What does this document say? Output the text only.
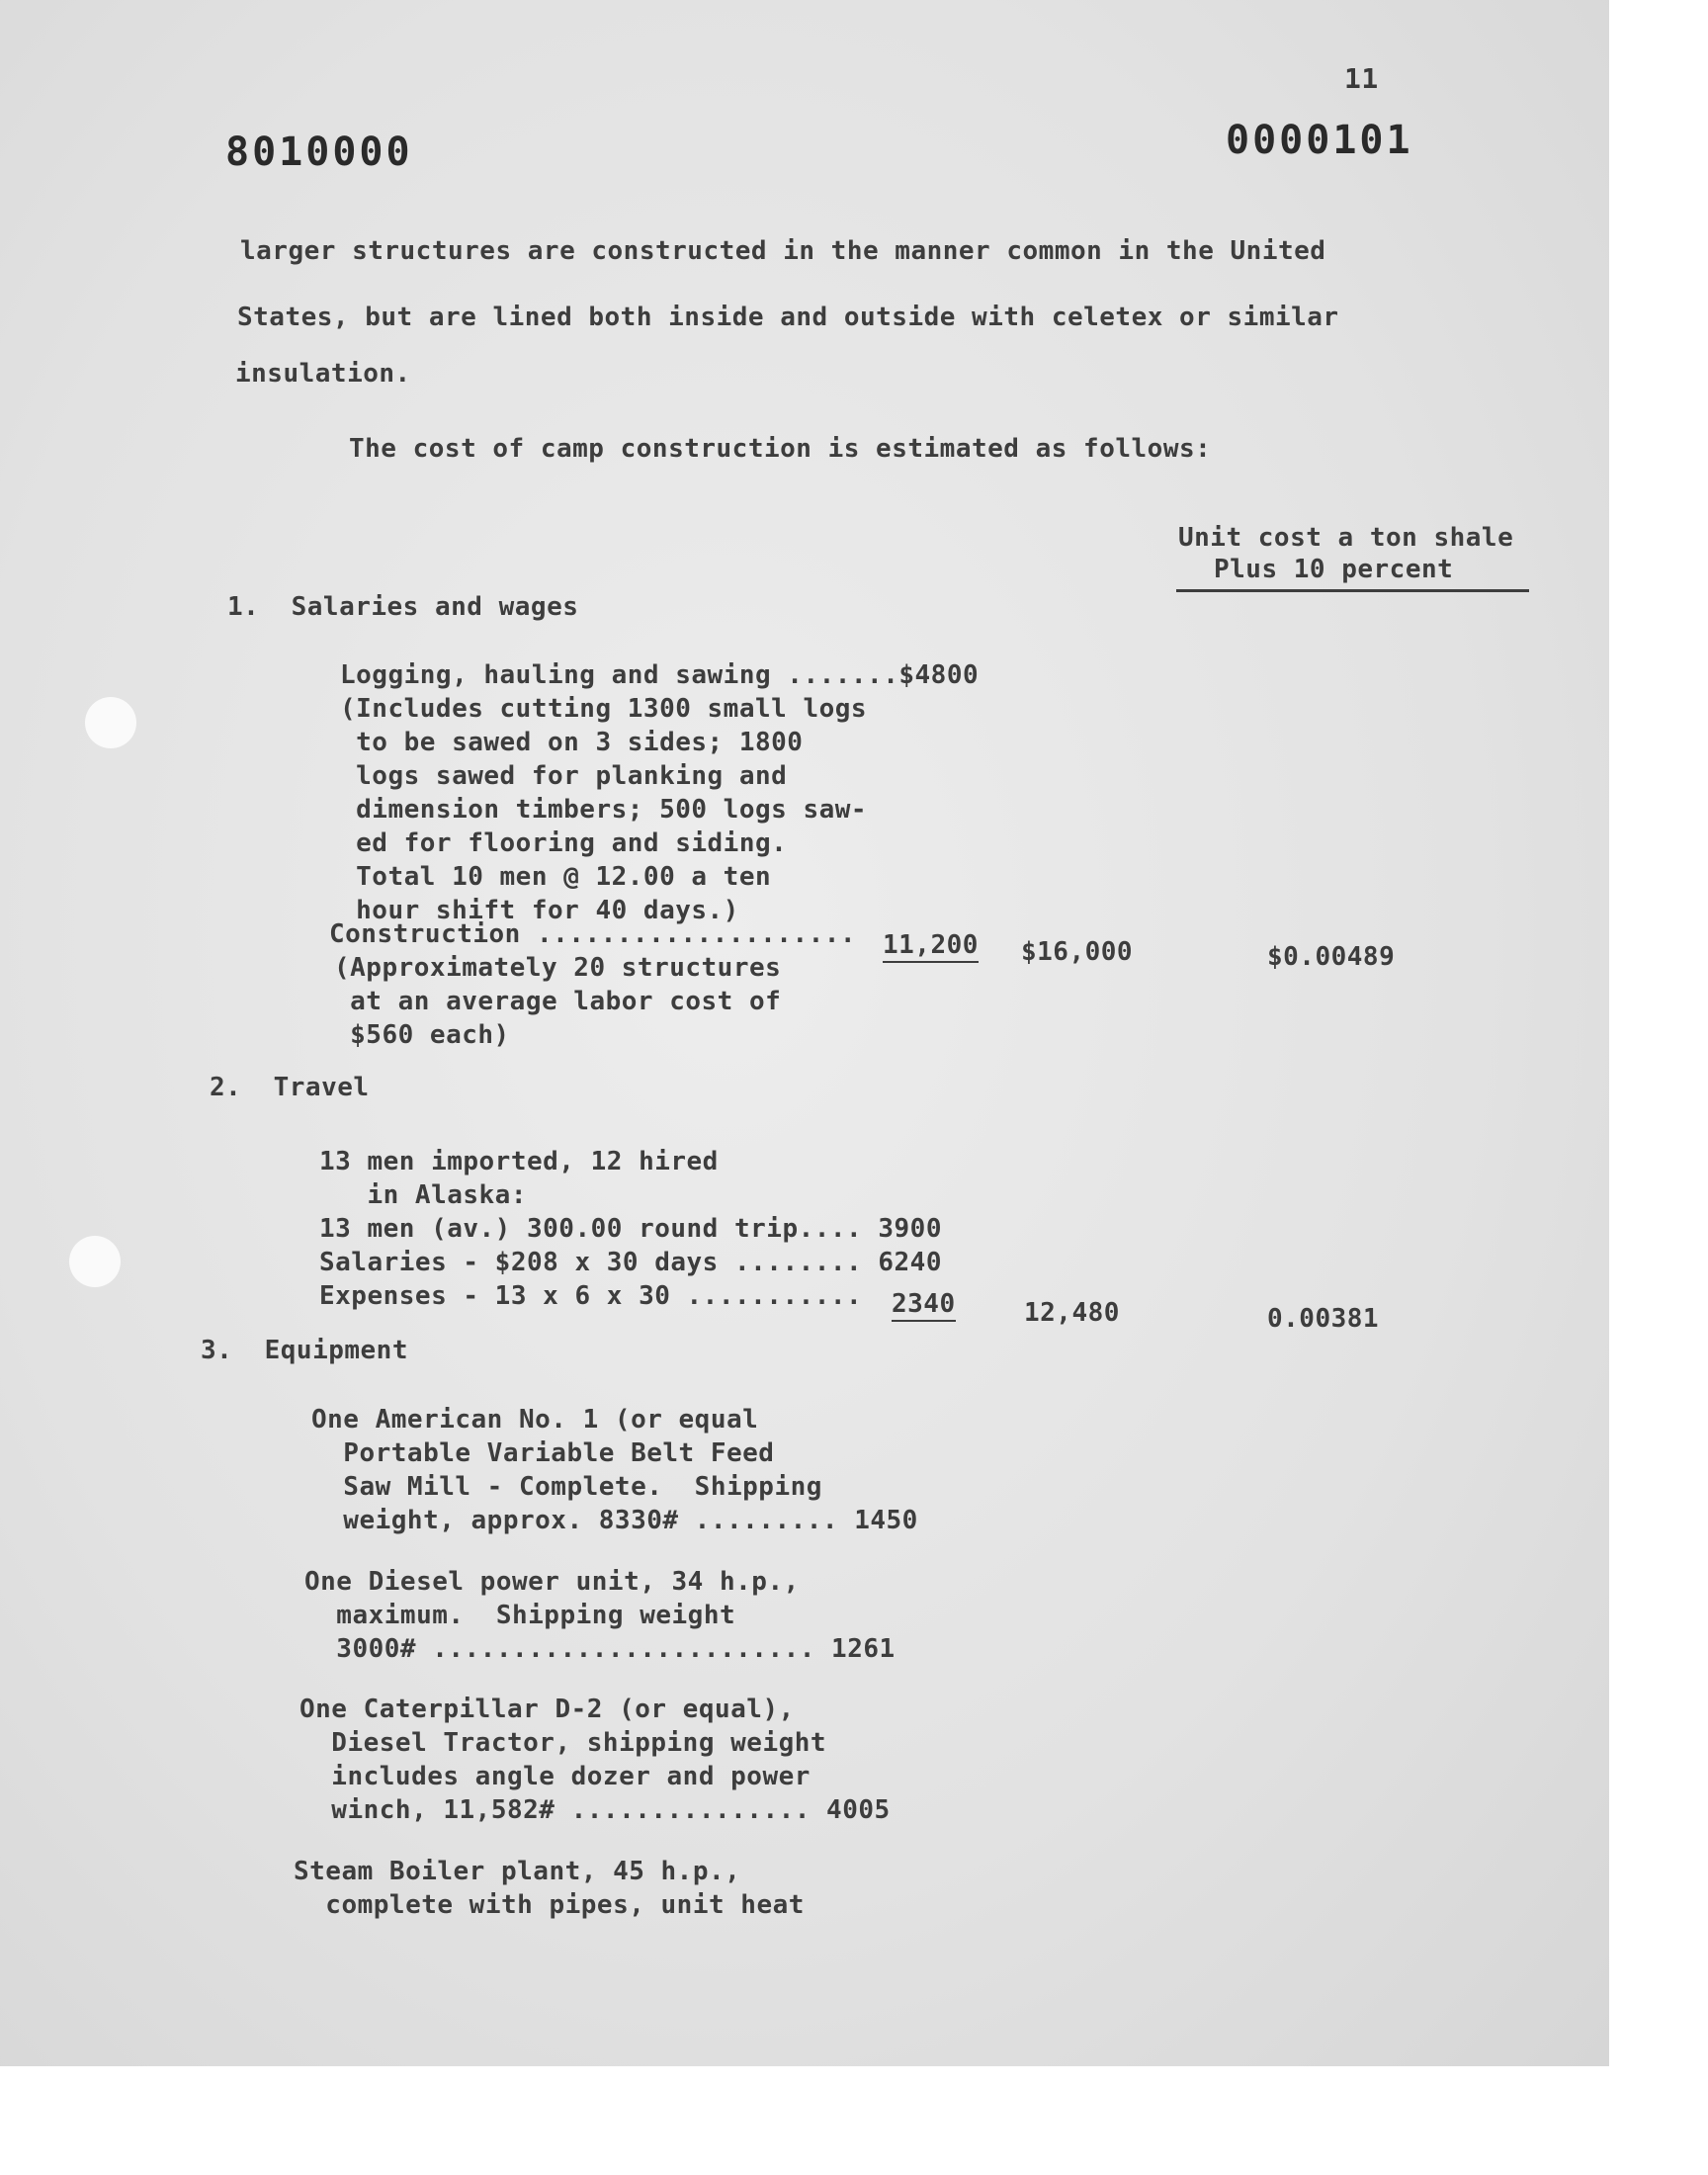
11

8010000	0000101

larger structures are constructed in the manner common in the United

States, but are lined both inside and outside with celetex or similar

insulation.

The cost of camp construction is estimated as follows:

Unit cost a ton shale

Plus 10 percent

1.  Salaries and wages

Logging, hauling and sawing .......$4800

(Includes cutting 1300 small logs

to be sawed on 3 sides; 1800

logs sawed for planking and

dimension timbers; 500 logs saw-

ed for flooring and siding.

Total 10 men @ 12.00 a ten

hour shift for 40 days.)

Construction .................... 11,200 $16,000	$0.00489

(Approximately 20 structures

at an average labor cost of

$560 each)

2.  Travel

13 men imported, 12 hired

in Alaska:

13 men (av.) 300.00 round trip.... 3900

Salaries - $208 x 30 days ........ 6240

Expenses - 13 x 6 x 30 ........... 2340	12,480	0.00381

3.  Equipment

One American No. 1 (or equal

Portable Variable Belt Feed

Saw Mill - Complete.  Shipping

weight, approx. 8330# ......... 1450

One Diesel power unit, 34 h.p.,

maximum.  Shipping weight

3000# ........................ 1261

One Caterpillar D-2 (or equal),

Diesel Tractor, shipping weight

includes angle dozer and power

winch, 11,582# ............... 4005

Steam Boiler plant, 45 h.p.,

complete with pipes, unit heat
